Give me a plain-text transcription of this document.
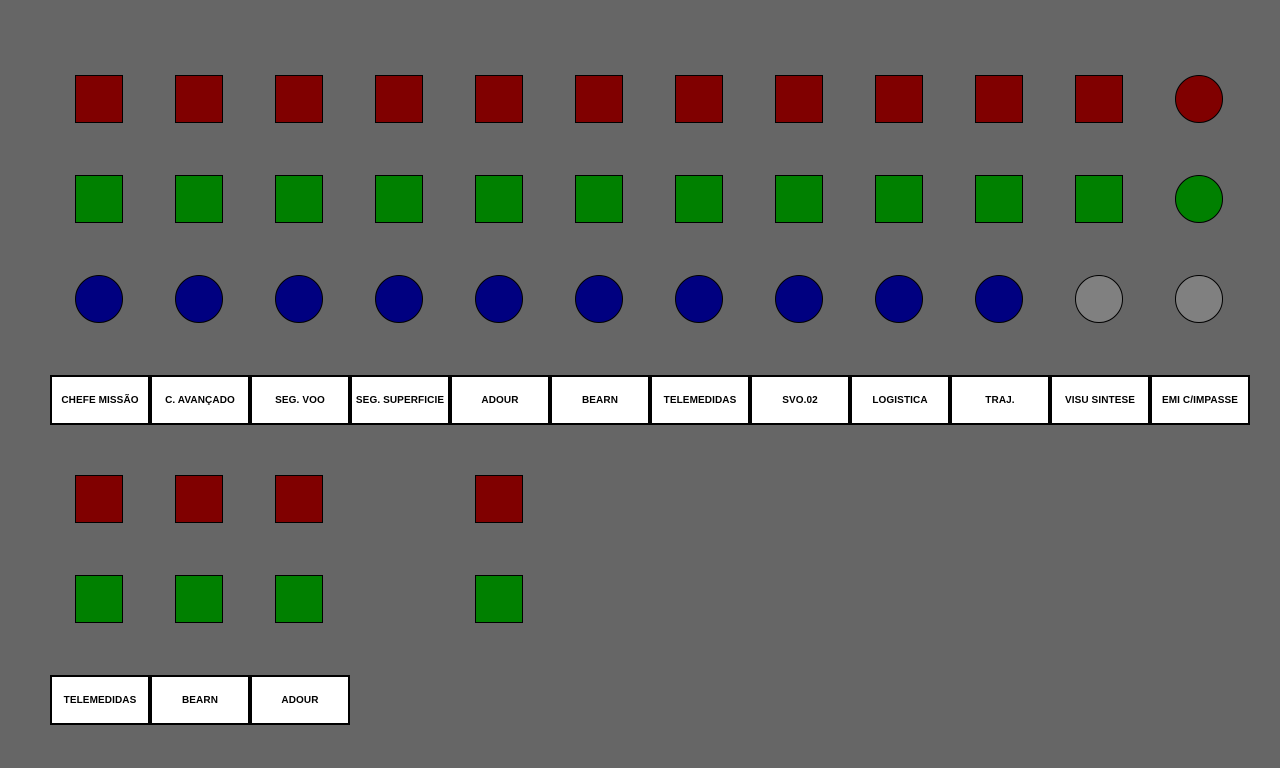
CHEFE MISSÃO	C. AVANÇADO	SEG. VOO	SEG. SUPERFICIE	ADOUR	BEARN	TELEMEDIDAS	SVO.02	LOGISTICA	TRAJ.	VISU SINTESE	EMI C/IMPASSE
TELEMEDIDAS	BEARN	ADOUR
